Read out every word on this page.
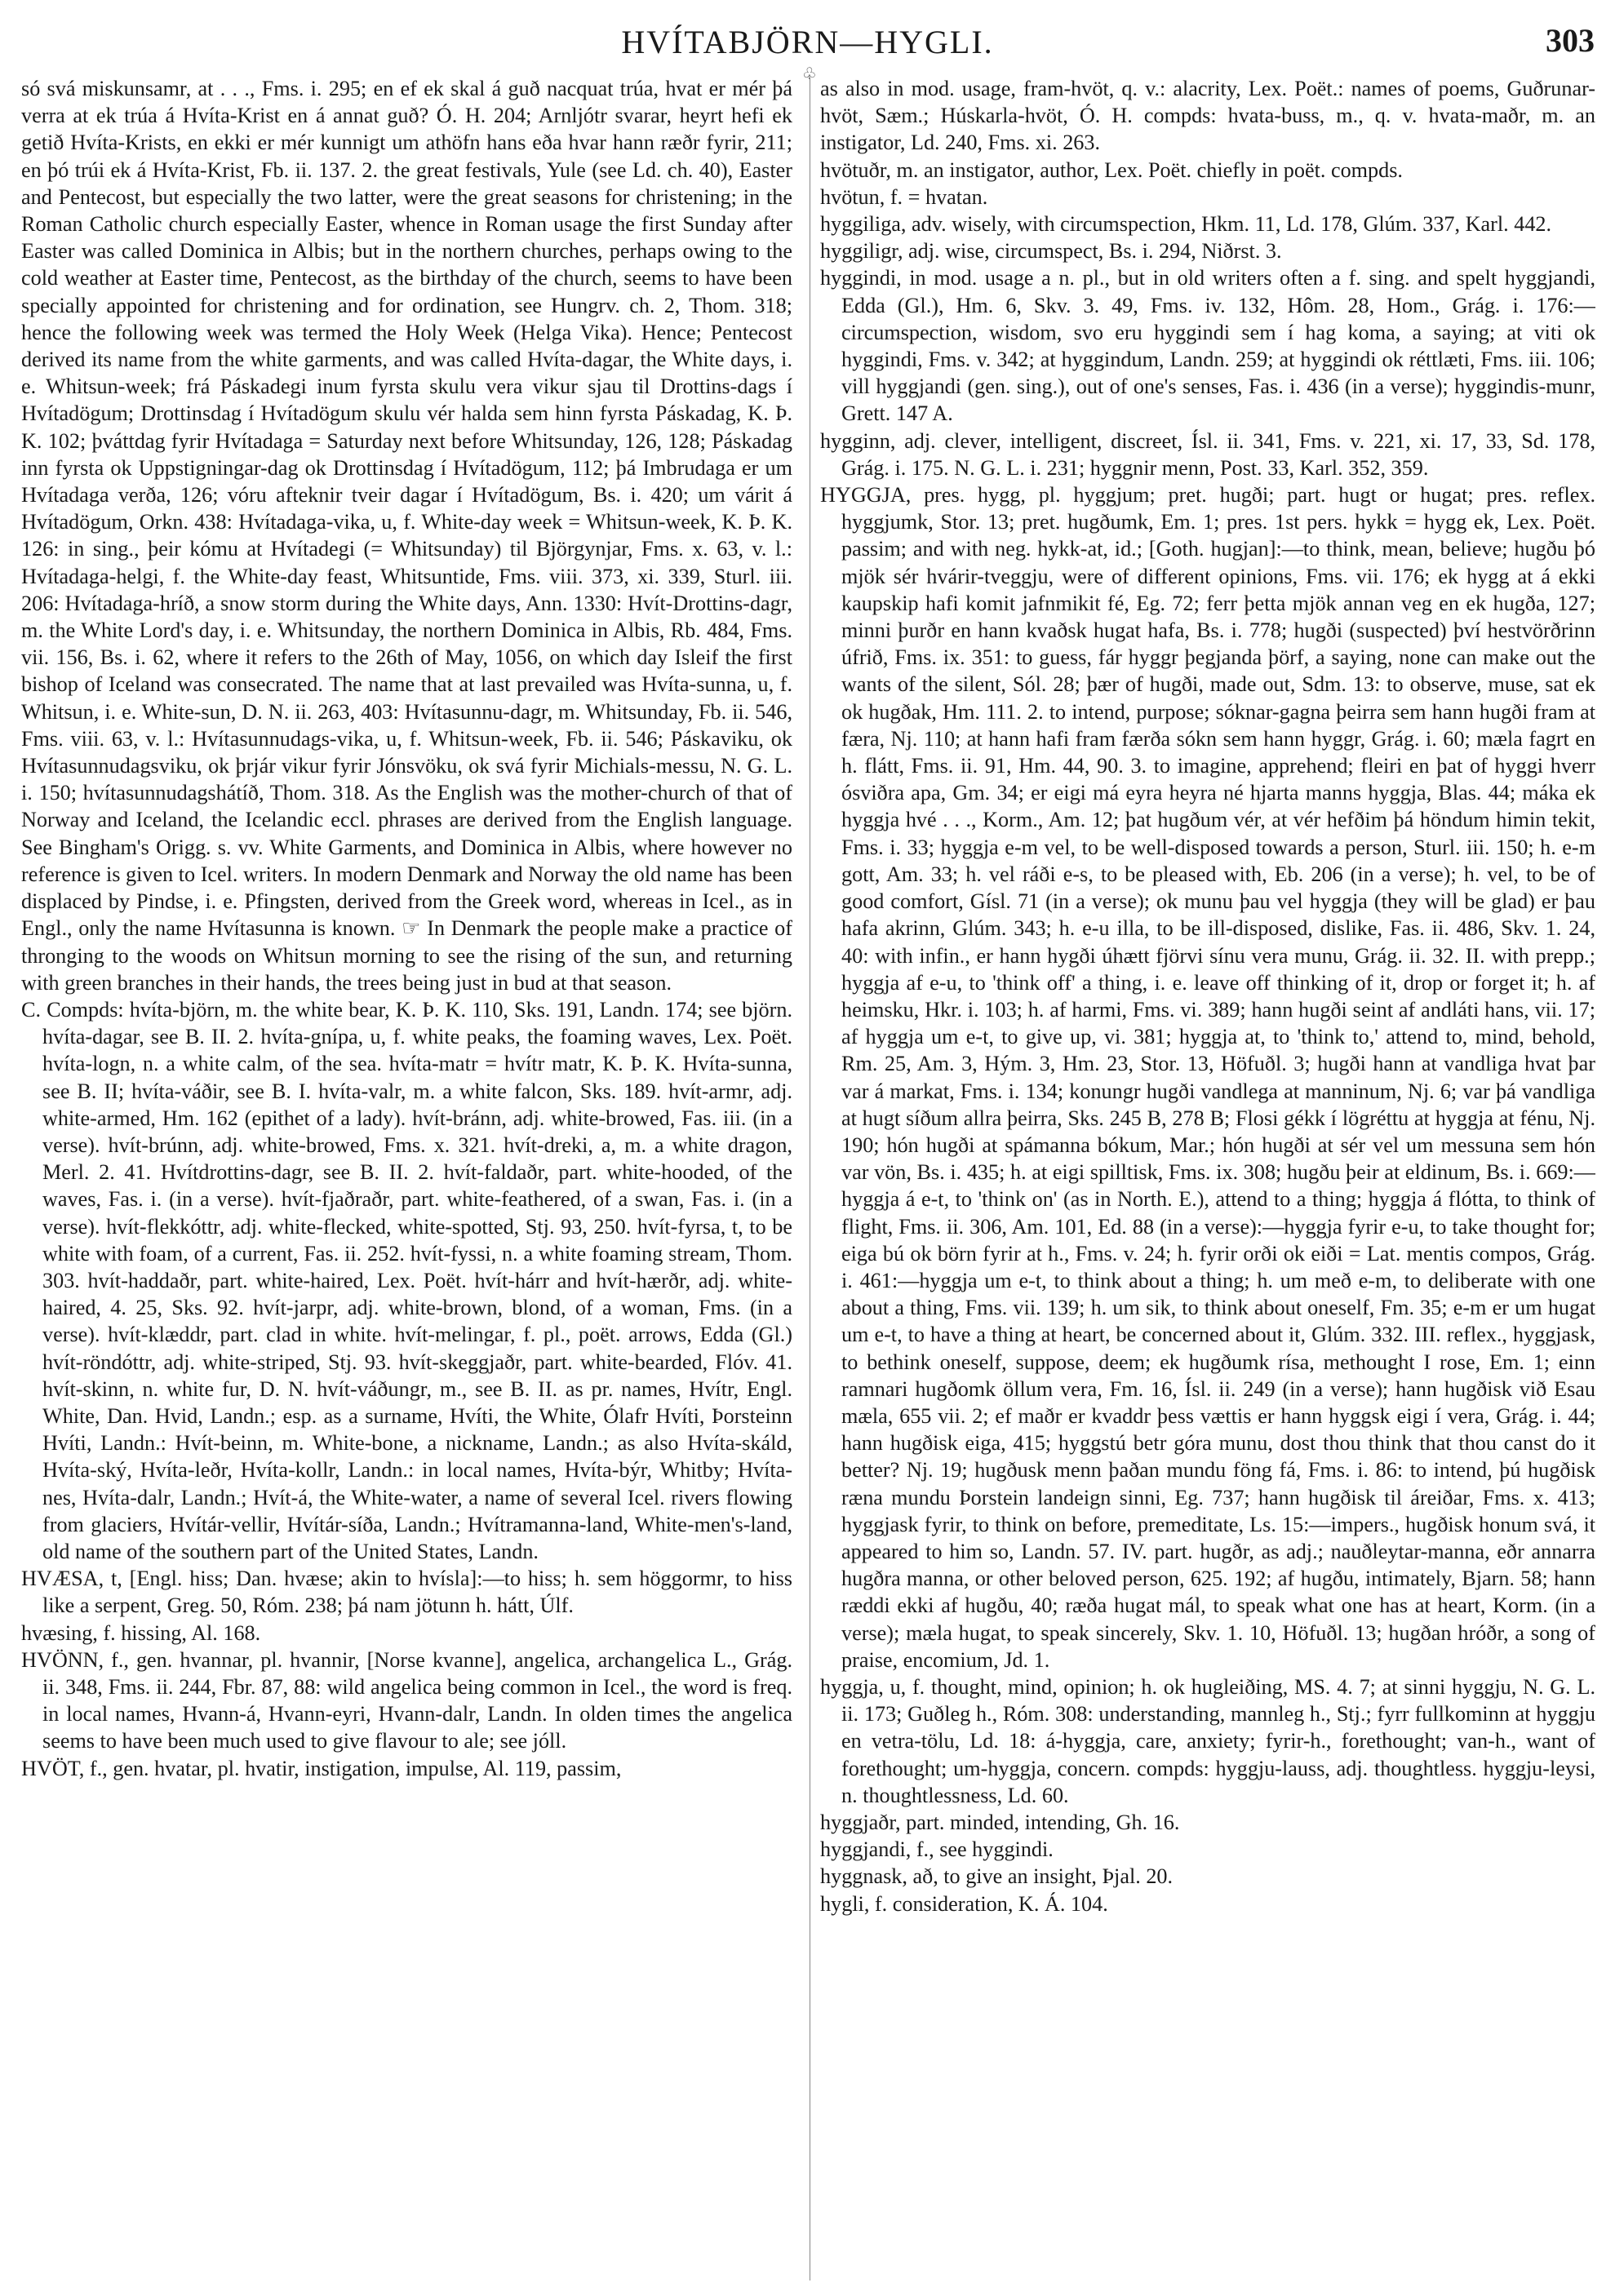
HVÍTABJÖRN—HYGLI.	303
♧

só svá miskunsamr, at . . ., Fms. i. 295; en ef ek skal á guð nacquat trúa, hvat er mér þá verra at ek trúa á Hvíta-Krist en á annat guð? Ó. H. 204; Arnljótr svarar, heyrt hefi ek getið Hvíta-Krists, en ekki er mér kunnigt um athöfn hans eða hvar hann ræðr fyrir, 211; en þó trúi ek á Hvíta-Krist, Fb. ii. 137. 2. the great festivals, Yule (see Ld. ch. 40), Easter and Pentecost, but especially the two latter, were the great seasons for christening; in the Roman Catholic church especially Easter, whence in Roman usage the first Sunday after Easter was called Dominica in Albis; but in the northern churches, perhaps owing to the cold weather at Easter time, Pentecost, as the birthday of the church, seems to have been specially appointed for christening and for ordination, see Hungrv. ch. 2, Thom. 318; hence the following week was termed the Holy Week (Helga Vika). Hence; Pentecost derived its name from the white garments, and was called Hvíta-dagar, the White days, i. e. Whitsun-week; frá Páskadegi inum fyrsta skulu vera vikur sjau til Drottins-dags í Hvítadögum; Drottinsdag í Hvítadögum skulu vér halda sem hinn fyrsta Páskadag, K. Þ. K. 102; þváttdag fyrir Hvítadaga = Saturday next before Whitsunday, 126, 128; Páskadag inn fyrsta ok Uppstigningar-dag ok Drottinsdag í Hvítadögum, 112; þá Imbrudaga er um Hvítadaga verða, 126; vóru afteknir tveir dagar í Hvítadögum, Bs. i. 420; um várit á Hvítadögum, Orkn. 438: Hvítadaga-vika, u, f. White-day week = Whitsun-week, K. Þ. K. 126: in sing., þeir kómu at Hvítadegi (= Whitsunday) til Björgynjar, Fms. x. 63, v. l.: Hvítadaga-helgi, f. the White-day feast, Whitsuntide, Fms. viii. 373, xi. 339, Sturl. iii. 206: Hvítadaga-hríð, a snow storm during the White days, Ann. 1330: Hvít-Drottins-dagr, m. the White Lord's day, i. e. Whitsunday, the northern Dominica in Albis, Rb. 484, Fms. vii. 156, Bs. i. 62, where it refers to the 26th of May, 1056, on which day Isleif the first bishop of Iceland was consecrated. The name that at last prevailed was Hvíta-sunna, u, f. Whitsun, i. e. White-sun, D. N. ii. 263, 403: Hvítasunnu-dagr, m. Whitsunday, Fb. ii. 546, Fms. viii. 63, v. l.: Hvítasunnudags-vika, u, f. Whitsun-week, Fb. ii. 546; Páskaviku, ok Hvítasunnudagsviku, ok þrjár vikur fyrir Jónsvöku, ok svá fyrir Michials-messu, N. G. L. i. 150; hvítasunnudagshátíð, Thom. 318. As the English was the mother-church of that of Norway and Iceland, the Icelandic eccl. phrases are derived from the English language. See Bingham's Origg. s. vv. White Garments, and Dominica in Albis, where however no reference is given to Icel. writers. In modern Denmark and Norway the old name has been displaced by Pindse, i. e. Pfingsten, derived from the Greek word, whereas in Icel., as in Engl., only the name Hvítasunna is known. ☞ In Denmark the people make a practice of thronging to the woods on Whitsun morning to see the rising of the sun, and returning with green branches in their hands, the trees being just in bud at that season.

C. Compds: hvíta-björn, m. the white bear, K. Þ. K. 110, Sks. 191, Landn. 174; see björn. hvíta-dagar, see B. II. 2. hvíta-gnípa, u, f. white peaks, the foaming waves, Lex. Poët. hvíta-logn, n. a white calm, of the sea. hvíta-matr = hvítr matr, K. Þ. K. Hvíta-sunna, see B. II; hvíta-váðir, see B. I. hvíta-valr, m. a white falcon, Sks. 189. hvít-armr, adj. white-armed, Hm. 162 (epithet of a lady). hvít-bránn, adj. white-browed, Fas. iii. (in a verse). hvít-brúnn, adj. white-browed, Fms. x. 321. hvít-dreki, a, m. a white dragon, Merl. 2. 41. Hvítdrottins-dagr, see B. II. 2. hvít-faldaðr, part. white-hooded, of the waves, Fas. i. (in a verse). hvít-fjaðraðr, part. white-feathered, of a swan, Fas. i. (in a verse). hvít-flekkóttr, adj. white-flecked, white-spotted, Stj. 93, 250. hvít-fyrsa, t, to be white with foam, of a current, Fas. ii. 252. hvít-fyssi, n. a white foaming stream, Thom. 303. hvít-haddaðr, part. white-haired, Lex. Poët. hvít-hárr and hvít-hærðr, adj. white-haired, 4. 25, Sks. 92. hvít-jarpr, adj. white-brown, blond, of a woman, Fms. (in a verse). hvít-klæddr, part. clad in white. hvít-melingar, f. pl., poët. arrows, Edda (Gl.) hvít-röndóttr, adj. white-striped, Stj. 93. hvít-skeggjaðr, part. white-bearded, Flóv. 41. hvít-skinn, n. white fur, D. N. hvít-váðungr, m., see B. II. as pr. names, Hvítr, Engl. White, Dan. Hvid, Landn.; esp. as a surname, Hvíti, the White, Ólafr Hvíti, Þorsteinn Hvíti, Landn.: Hvít-beinn, m. White-bone, a nickname, Landn.; as also Hvíta-skáld, Hvíta-ský, Hvíta-leðr, Hvíta-kollr, Landn.: in local names, Hvíta-býr, Whitby; Hvíta-nes, Hvíta-dalr, Landn.; Hvít-á, the White-water, a name of several Icel. rivers flowing from glaciers, Hvítár-vellir, Hvítár-síða, Landn.; Hvítramanna-land, White-men's-land, old name of the southern part of the United States, Landn.

HVÆSA, t, [Engl. hiss; Dan. hvæse; akin to hvísla]:—to hiss; h. sem höggormr, to hiss like a serpent, Greg. 50, Róm. 238; þá nam jötunn h. hátt, Úlf.

hvæsing, f. hissing, Al. 168.

HVÖNN, f., gen. hvannar, pl. hvannir, [Norse kvanne], angelica, archangelica L., Grág. ii. 348, Fms. ii. 244, Fbr. 87, 88: wild angelica being common in Icel., the word is freq. in local names, Hvann-á, Hvann-eyri, Hvann-dalr, Landn. In olden times the angelica seems to have been much used to give flavour to ale; see jóll.

HVÖT, f., gen. hvatar, pl. hvatir, instigation, impulse, Al. 119, passim,

as also in mod. usage, fram-hvöt, q. v.: alacrity, Lex. Poët.: names of poems, Guðrunar-hvöt, Sæm.; Húskarla-hvöt, Ó. H. compds: hvata-buss, m., q. v. hvata-maðr, m. an instigator, Ld. 240, Fms. xi. 263.

hvötuðr, m. an instigator, author, Lex. Poët. chiefly in poët. compds.

hvötun, f. = hvatan.

hyggiliga, adv. wisely, with circumspection, Hkm. 11, Ld. 178, Glúm. 337, Karl. 442.

hyggiligr, adj. wise, circumspect, Bs. i. 294, Niðrst. 3.

hyggindi, in mod. usage a n. pl., but in old writers often a f. sing. and spelt hyggjandi, Edda (Gl.), Hm. 6, Skv. 3. 49, Fms. iv. 132, Hôm. 28, Hom., Grág. i. 176:—circumspection, wisdom, svo eru hyggindi sem í hag koma, a saying; at viti ok hyggindi, Fms. v. 342; at hyggindum, Landn. 259; at hyggindi ok réttlæti, Fms. iii. 106; vill hyggjandi (gen. sing.), out of one's senses, Fas. i. 436 (in a verse); hyggindis-munr, Grett. 147 A.

hygginn, adj. clever, intelligent, discreet, Ísl. ii. 341, Fms. v. 221, xi. 17, 33, Sd. 178, Grág. i. 175. N. G. L. i. 231; hyggnir menn, Post. 33, Karl. 352, 359.

HYGGJA, pres. hygg, pl. hyggjum; pret. hugði; part. hugt or hugat; pres. reflex. hyggjumk, Stor. 13; pret. hugðumk, Em. 1; pres. 1st pers. hykk = hygg ek, Lex. Poët. passim; and with neg. hykk-at, id.; [Goth. hugjan]:—to think, mean, believe; hugðu þó mjök sér hvárir-tveggju, were of different opinions, Fms. vii. 176; ek hygg at á ekki kaupskip hafi komit jafnmikit fé, Eg. 72; ferr þetta mjök annan veg en ek hugða, 127; minni þurðr en hann kvaðsk hugat hafa, Bs. i. 778; hugði (suspected) því hestvörðrinn úfrið, Fms. ix. 351: to guess, fár hyggr þegjanda þörf, a saying, none can make out the wants of the silent, Sól. 28; þær of hugði, made out, Sdm. 13: to observe, muse, sat ek ok hugðak, Hm. 111. 2. to intend, purpose; sóknar-gagna þeirra sem hann hugði fram at færa, Nj. 110; at hann hafi fram færða sókn sem hann hyggr, Grág. i. 60; mæla fagrt en h. flátt, Fms. ii. 91, Hm. 44, 90. 3. to imagine, apprehend; fleiri en þat of hyggi hverr ósviðra apa, Gm. 34; er eigi má eyra heyra né hjarta manns hyggja, Blas. 44; máka ek hyggja hvé . . ., Korm., Am. 12; þat hugðum vér, at vér hefðim þá höndum himin tekit, Fms. i. 33; hyggja e-m vel, to be well-disposed towards a person, Sturl. iii. 150; h. e-m gott, Am. 33; h. vel ráði e-s, to be pleased with, Eb. 206 (in a verse); h. vel, to be of good comfort, Gísl. 71 (in a verse); ok munu þau vel hyggja (they will be glad) er þau hafa akrinn, Glúm. 343; h. e-u illa, to be ill-disposed, dislike, Fas. ii. 486, Skv. 1. 24, 40: with infin., er hann hygði úhætt fjörvi sínu vera munu, Grág. ii. 32. II. with prepp.; hyggja af e-u, to 'think off' a thing, i. e. leave off thinking of it, drop or forget it; h. af heimsku, Hkr. i. 103; h. af harmi, Fms. vi. 389; hann hugði seint af andláti hans, vii. 17; af hyggja um e-t, to give up, vi. 381; hyggja at, to 'think to,' attend to, mind, behold, Rm. 25, Am. 3, Hým. 3, Hm. 23, Stor. 13, Höfuðl. 3; hugði hann at vandliga hvat þar var á markat, Fms. i. 134; konungr hugði vandlega at manninum, Nj. 6; var þá vandliga at hugt síðum allra þeirra, Sks. 245 B, 278 B; Flosi gékk í lögréttu at hyggja at fénu, Nj. 190; hón hugði at spámanna bókum, Mar.; hón hugði at sér vel um messuna sem hón var vön, Bs. i. 435; h. at eigi spilltisk, Fms. ix. 308; hugðu þeir at eldinum, Bs. i. 669:—hyggja á e-t, to 'think on' (as in North. E.), attend to a thing; hyggja á flótta, to think of flight, Fms. ii. 306, Am. 101, Ed. 88 (in a verse):—hyggja fyrir e-u, to take thought for; eiga bú ok börn fyrir at h., Fms. v. 24; h. fyrir orði ok eiði = Lat. mentis compos, Grág. i. 461:—hyggja um e-t, to think about a thing; h. um með e-m, to deliberate with one about a thing, Fms. vii. 139; h. um sik, to think about oneself, Fm. 35; e-m er um hugat um e-t, to have a thing at heart, be concerned about it, Glúm. 332. III. reflex., hyggjask, to bethink oneself, suppose, deem; ek hugðumk rísa, methought I rose, Em. 1; einn ramnari hugðomk öllum vera, Fm. 16, Ísl. ii. 249 (in a verse); hann hugðisk við Esau mæla, 655 vii. 2; ef maðr er kvaddr þess vættis er hann hyggsk eigi í vera, Grág. i. 44; hann hugðisk eiga, 415; hyggstú betr góra munu, dost thou think that thou canst do it better? Nj. 19; hugðusk menn þaðan mundu föng fá, Fms. i. 86: to intend, þú hugðisk ræna mundu Þorstein landeign sinni, Eg. 737; hann hugðisk til áreiðar, Fms. x. 413; hyggjask fyrir, to think on before, premeditate, Ls. 15:—impers., hugðisk honum svá, it appeared to him so, Landn. 57. IV. part. hugðr, as adj.; nauðleytar-manna, eðr annarra hugðra manna, or other beloved person, 625. 192; af hugðu, intimately, Bjarn. 58; hann ræddi ekki af hugðu, 40; ræða hugat mál, to speak what one has at heart, Korm. (in a verse); mæla hugat, to speak sincerely, Skv. 1. 10, Höfuðl. 13; hugðan hróðr, a song of praise, encomium, Jd. 1.

hyggja, u, f. thought, mind, opinion; h. ok hugleiðing, MS. 4. 7; at sinni hyggju, N. G. L. ii. 173; Guðleg h., Róm. 308: understanding, mannleg h., Stj.; fyrr fullkominn at hyggju en vetra-tölu, Ld. 18: á-hyggja, care, anxiety; fyrir-h., forethought; van-h., want of forethought; um-hyggja, concern. compds: hyggju-lauss, adj. thoughtless. hyggju-leysi, n. thoughtlessness, Ld. 60.

hyggjaðr, part. minded, intending, Gh. 16.

hyggjandi, f., see hyggindi.

hyggnask, að, to give an insight, Þjal. 20.

hygli, f. consideration, K. Á. 104.
